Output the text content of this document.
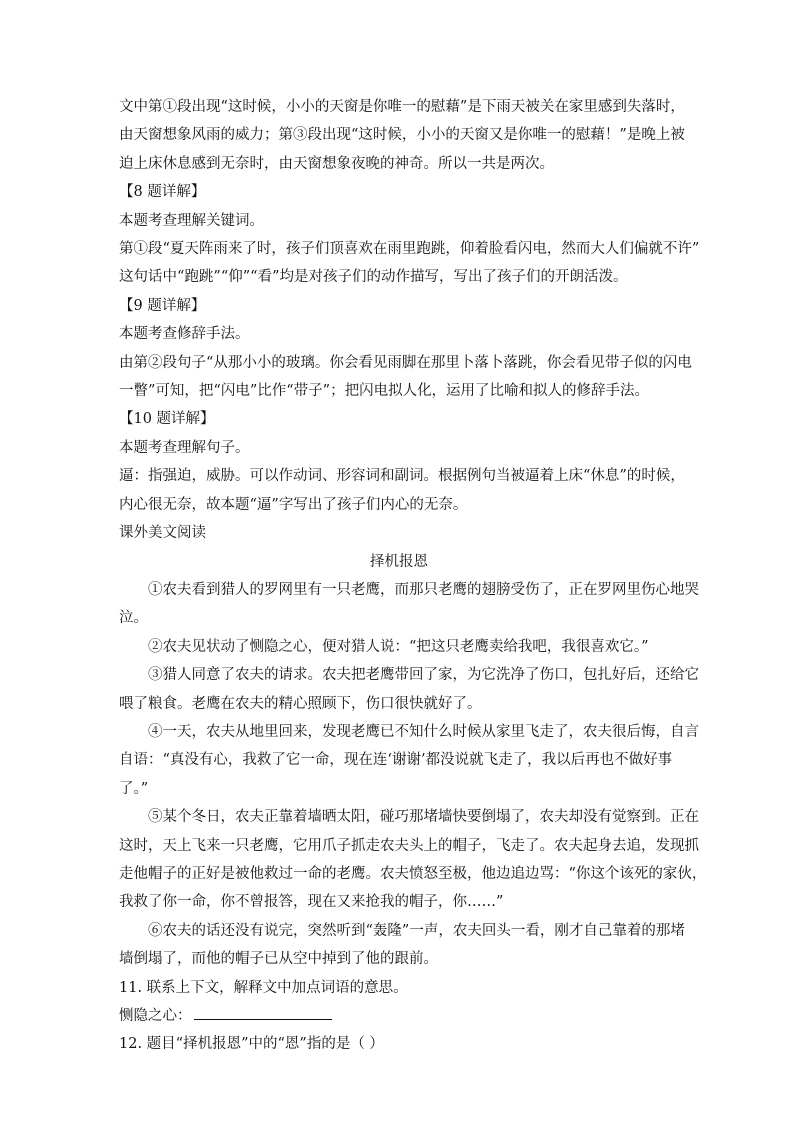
文中第①段出现“这时候，小小的天窗是你唯一的慰藉”是下雨天被关在家里感到失落时，

由天窗想象风雨的威力；第③段出现“这时候，小小的天窗又是你唯一的慰藉！”是晚上被

迫上床休息感到无奈时，由天窗想象夜晚的神奇。所以一共是两次。

【8 题详解】

本题考查理解关键词。

第①段“夏天阵雨来了时，孩子们顶喜欢在雨里跑跳，仰着脸看闪电，然而大人们偏就不许”

这句话中“跑跳”“仰”“看”均是对孩子们的动作描写，写出了孩子们的开朗活泼。

【9 题详解】

本题考查修辞手法。

由第②段句子“从那小小的玻璃。你会看见雨脚在那里卜落卜落跳，你会看见带子似的闪电

一瞥”可知，把“闪电”比作“带子”；把闪电拟人化，运用了比喻和拟人的修辞手法。

【10 题详解】

本题考查理解句子。

逼：指强迫，威胁。可以作动词、形容词和副词。根据例句当被逼着上床“休息”的时候，

内心很无奈，故本题“逼”字写出了孩子们内心的无奈。

课外美文阅读

择机报恩

①农夫看到猎人的罗网里有一只老鹰，而那只老鹰的翅膀受伤了，正在罗网里伤心地哭

泣。

②农夫见状动了恻隐之心，便对猎人说：“把这只老鹰卖给我吧，我很喜欢它。”

③猎人同意了农夫的请求。农夫把老鹰带回了家，为它洗净了伤口，包扎好后，还给它

喂了粮食。老鹰在农夫的精心照顾下，伤口很快就好了。

④一天，农夫从地里回来，发现老鹰已不知什么时候从家里飞走了，农夫很后悔，自言

自语：“真没有心，我救了它一命，现在连‘谢谢’都没说就飞走了，我以后再也不做好事

了。”

⑤某个冬日，农夫正靠着墙晒太阳，碰巧那堵墙快要倒塌了，农夫却没有觉察到。正在

这时，天上飞来一只老鹰，它用爪子抓走农夫头上的帽子，飞走了。农夫起身去追，发现抓

走他帽子的正好是被他救过一命的老鹰。农夫愤怒至极，他边追边骂：“你这个该死的家伙，

我救了你一命，你不曾报答，现在又来抢我的帽子，你……”

⑥农夫的话还没有说完，突然听到“轰隆”一声，农夫回头一看，刚才自己靠着的那堵

墙倒塌了，而他的帽子已从空中掉到了他的跟前。

11. 联系上下文，解释文中加点词语的意思。

恻隐之心：

12. 题目“择机报恩”中的“恩”指的是（ ）
